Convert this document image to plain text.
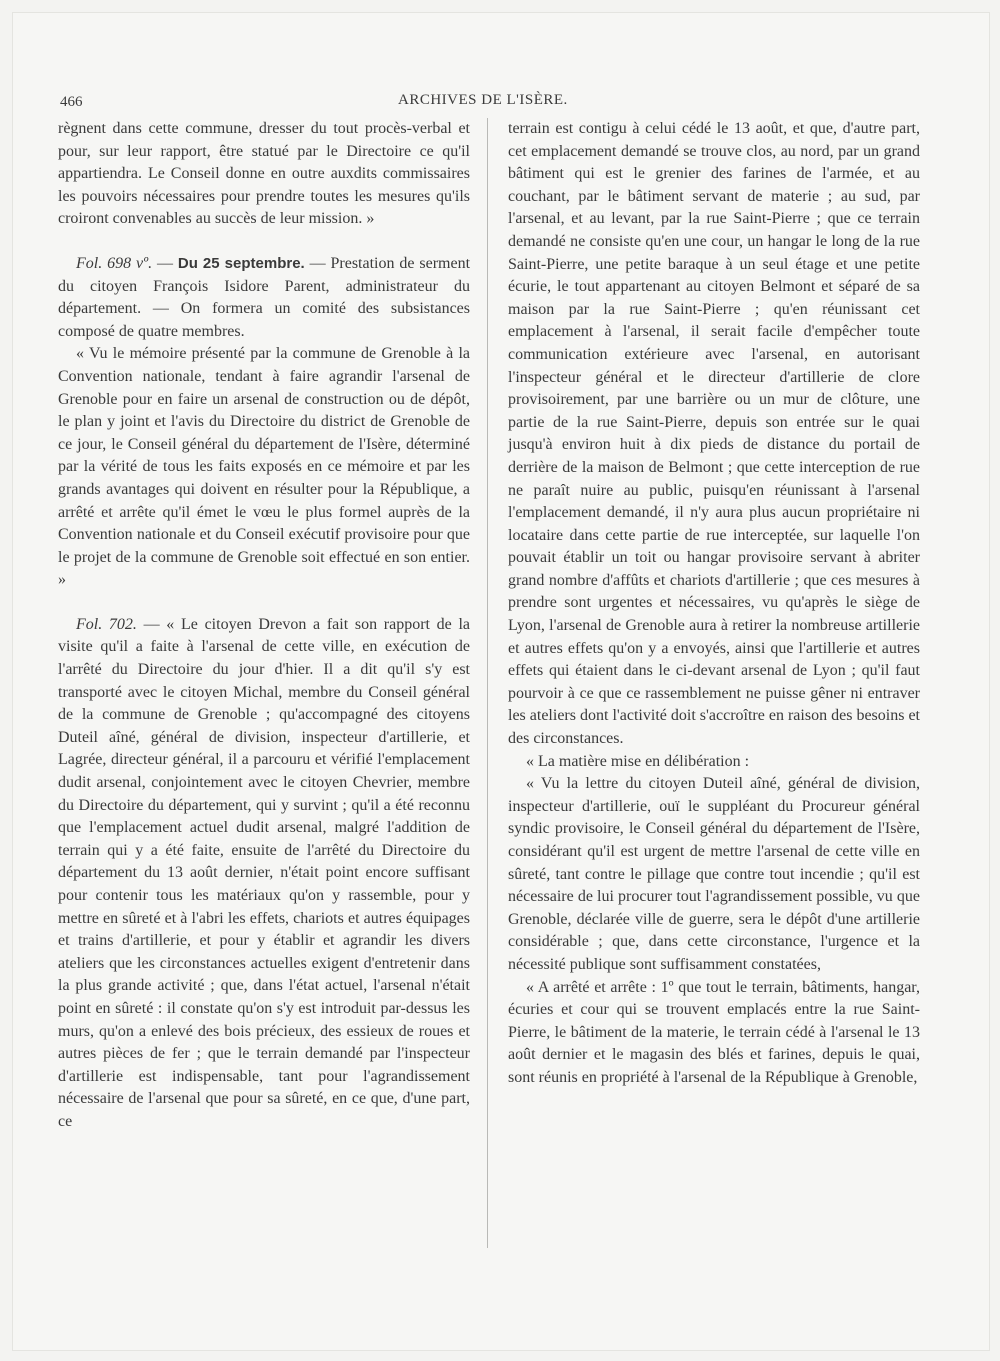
466	ARCHIVES DE L'ISÈRE.

règnent dans cette commune, dresser du tout procès-verbal et pour, sur leur rapport, être statué par le Directoire ce qu'il appartiendra. Le Conseil donne en outre auxdits commissaires les pouvoirs nécessaires pour prendre toutes les mesures qu'ils croiront convenables au succès de leur mission. »

Fol. 698 vº. — Du 25 septembre. — Prestation de serment du citoyen François Isidore Parent, administrateur du département. — On formera un comité des subsistances composé de quatre membres.

« Vu le mémoire présenté par la commune de Grenoble à la Convention nationale, tendant à faire agrandir l'arsenal de Grenoble pour en faire un arsenal de construction ou de dépôt, le plan y joint et l'avis du Directoire du district de Grenoble de ce jour, le Conseil général du département de l'Isère, déterminé par la vérité de tous les faits exposés en ce mémoire et par les grands avantages qui doivent en résulter pour la République, a arrêté et arrête qu'il émet le vœu le plus formel auprès de la Convention nationale et du Conseil exécutif provisoire pour que le projet de la commune de Grenoble soit effectué en son entier. »

Fol. 702. — « Le citoyen Drevon a fait son rapport de la visite qu'il a faite à l'arsenal de cette ville, en exécution de l'arrêté du Directoire du jour d'hier. Il a dit qu'il s'y est transporté avec le citoyen Michal, membre du Conseil général de la commune de Grenoble ; qu'accompagné des citoyens Duteil aîné, général de division, inspecteur d'artillerie, et Lagrée, directeur général, il a parcouru et vérifié l'emplacement dudit arsenal, conjointement avec le citoyen Chevrier, membre du Directoire du département, qui y survint ; qu'il a été reconnu que l'emplacement actuel dudit arsenal, malgré l'addition de terrain qui y a été faite, ensuite de l'arrêté du Directoire du département du 13 août dernier, n'était point encore suffisant pour contenir tous les matériaux qu'on y rassemble, pour y mettre en sûreté et à l'abri les effets, chariots et autres équipages et trains d'artillerie, et pour y établir et agrandir les divers ateliers que les circonstances actuelles exigent d'entretenir dans la plus grande activité ; que, dans l'état actuel, l'arsenal n'était point en sûreté : il constate qu'on s'y est introduit par-dessus les murs, qu'on a enlevé des bois précieux, des essieux de roues et autres pièces de fer ; que le terrain demandé par l'inspecteur d'artillerie est indispensable, tant pour l'agrandissement nécessaire de l'arsenal que pour sa sûreté, en ce que, d'une part, ce

terrain est contigu à celui cédé le 13 août, et que, d'autre part, cet emplacement demandé se trouve clos, au nord, par un grand bâtiment qui est le grenier des farines de l'armée, et au couchant, par le bâtiment servant de materie ; au sud, par l'arsenal, et au levant, par la rue Saint-Pierre ; que ce terrain demandé ne consiste qu'en une cour, un hangar le long de la rue Saint-Pierre, une petite baraque à un seul étage et une petite écurie, le tout appartenant au citoyen Belmont et séparé de sa maison par la rue Saint-Pierre ; qu'en réunissant cet emplacement à l'arsenal, il serait facile d'empêcher toute communication extérieure avec l'arsenal, en autorisant l'inspecteur général et le directeur d'artillerie de clore provisoirement, par une barrière ou un mur de clôture, une partie de la rue Saint-Pierre, depuis son entrée sur le quai jusqu'à environ huit à dix pieds de distance du portail de derrière de la maison de Belmont ; que cette interception de rue ne paraît nuire au public, puisqu'en réunissant à l'arsenal l'emplacement demandé, il n'y aura plus aucun propriétaire ni locataire dans cette partie de rue interceptée, sur laquelle l'on pouvait établir un toit ou hangar provisoire servant à abriter grand nombre d'affûts et chariots d'artillerie ; que ces mesures à prendre sont urgentes et nécessaires, vu qu'après le siège de Lyon, l'arsenal de Grenoble aura à retirer la nombreuse artillerie et autres effets qu'on y a envoyés, ainsi que l'artillerie et autres effets qui étaient dans le ci-devant arsenal de Lyon ; qu'il faut pourvoir à ce que ce rassemblement ne puisse gêner ni entraver les ateliers dont l'activité doit s'accroître en raison des besoins et des circonstances.

« La matière mise en délibération :

« Vu la lettre du citoyen Duteil aîné, général de division, inspecteur d'artillerie, ouï le suppléant du Procureur général syndic provisoire, le Conseil général du département de l'Isère, considérant qu'il est urgent de mettre l'arsenal de cette ville en sûreté, tant contre le pillage que contre tout incendie ; qu'il est nécessaire de lui procurer tout l'agrandissement possible, vu que Grenoble, déclarée ville de guerre, sera le dépôt d'une artillerie considérable ; que, dans cette circonstance, l'urgence et la nécessité publique sont suffisamment constatées,

« A arrêté et arrête : 1º que tout le terrain, bâtiments, hangar, écuries et cour qui se trouvent emplacés entre la rue Saint-Pierre, le bâtiment de la materie, le terrain cédé à l'arsenal le 13 août dernier et le magasin des blés et farines, depuis le quai, sont réunis en propriété à l'arsenal de la République à Grenoble,
